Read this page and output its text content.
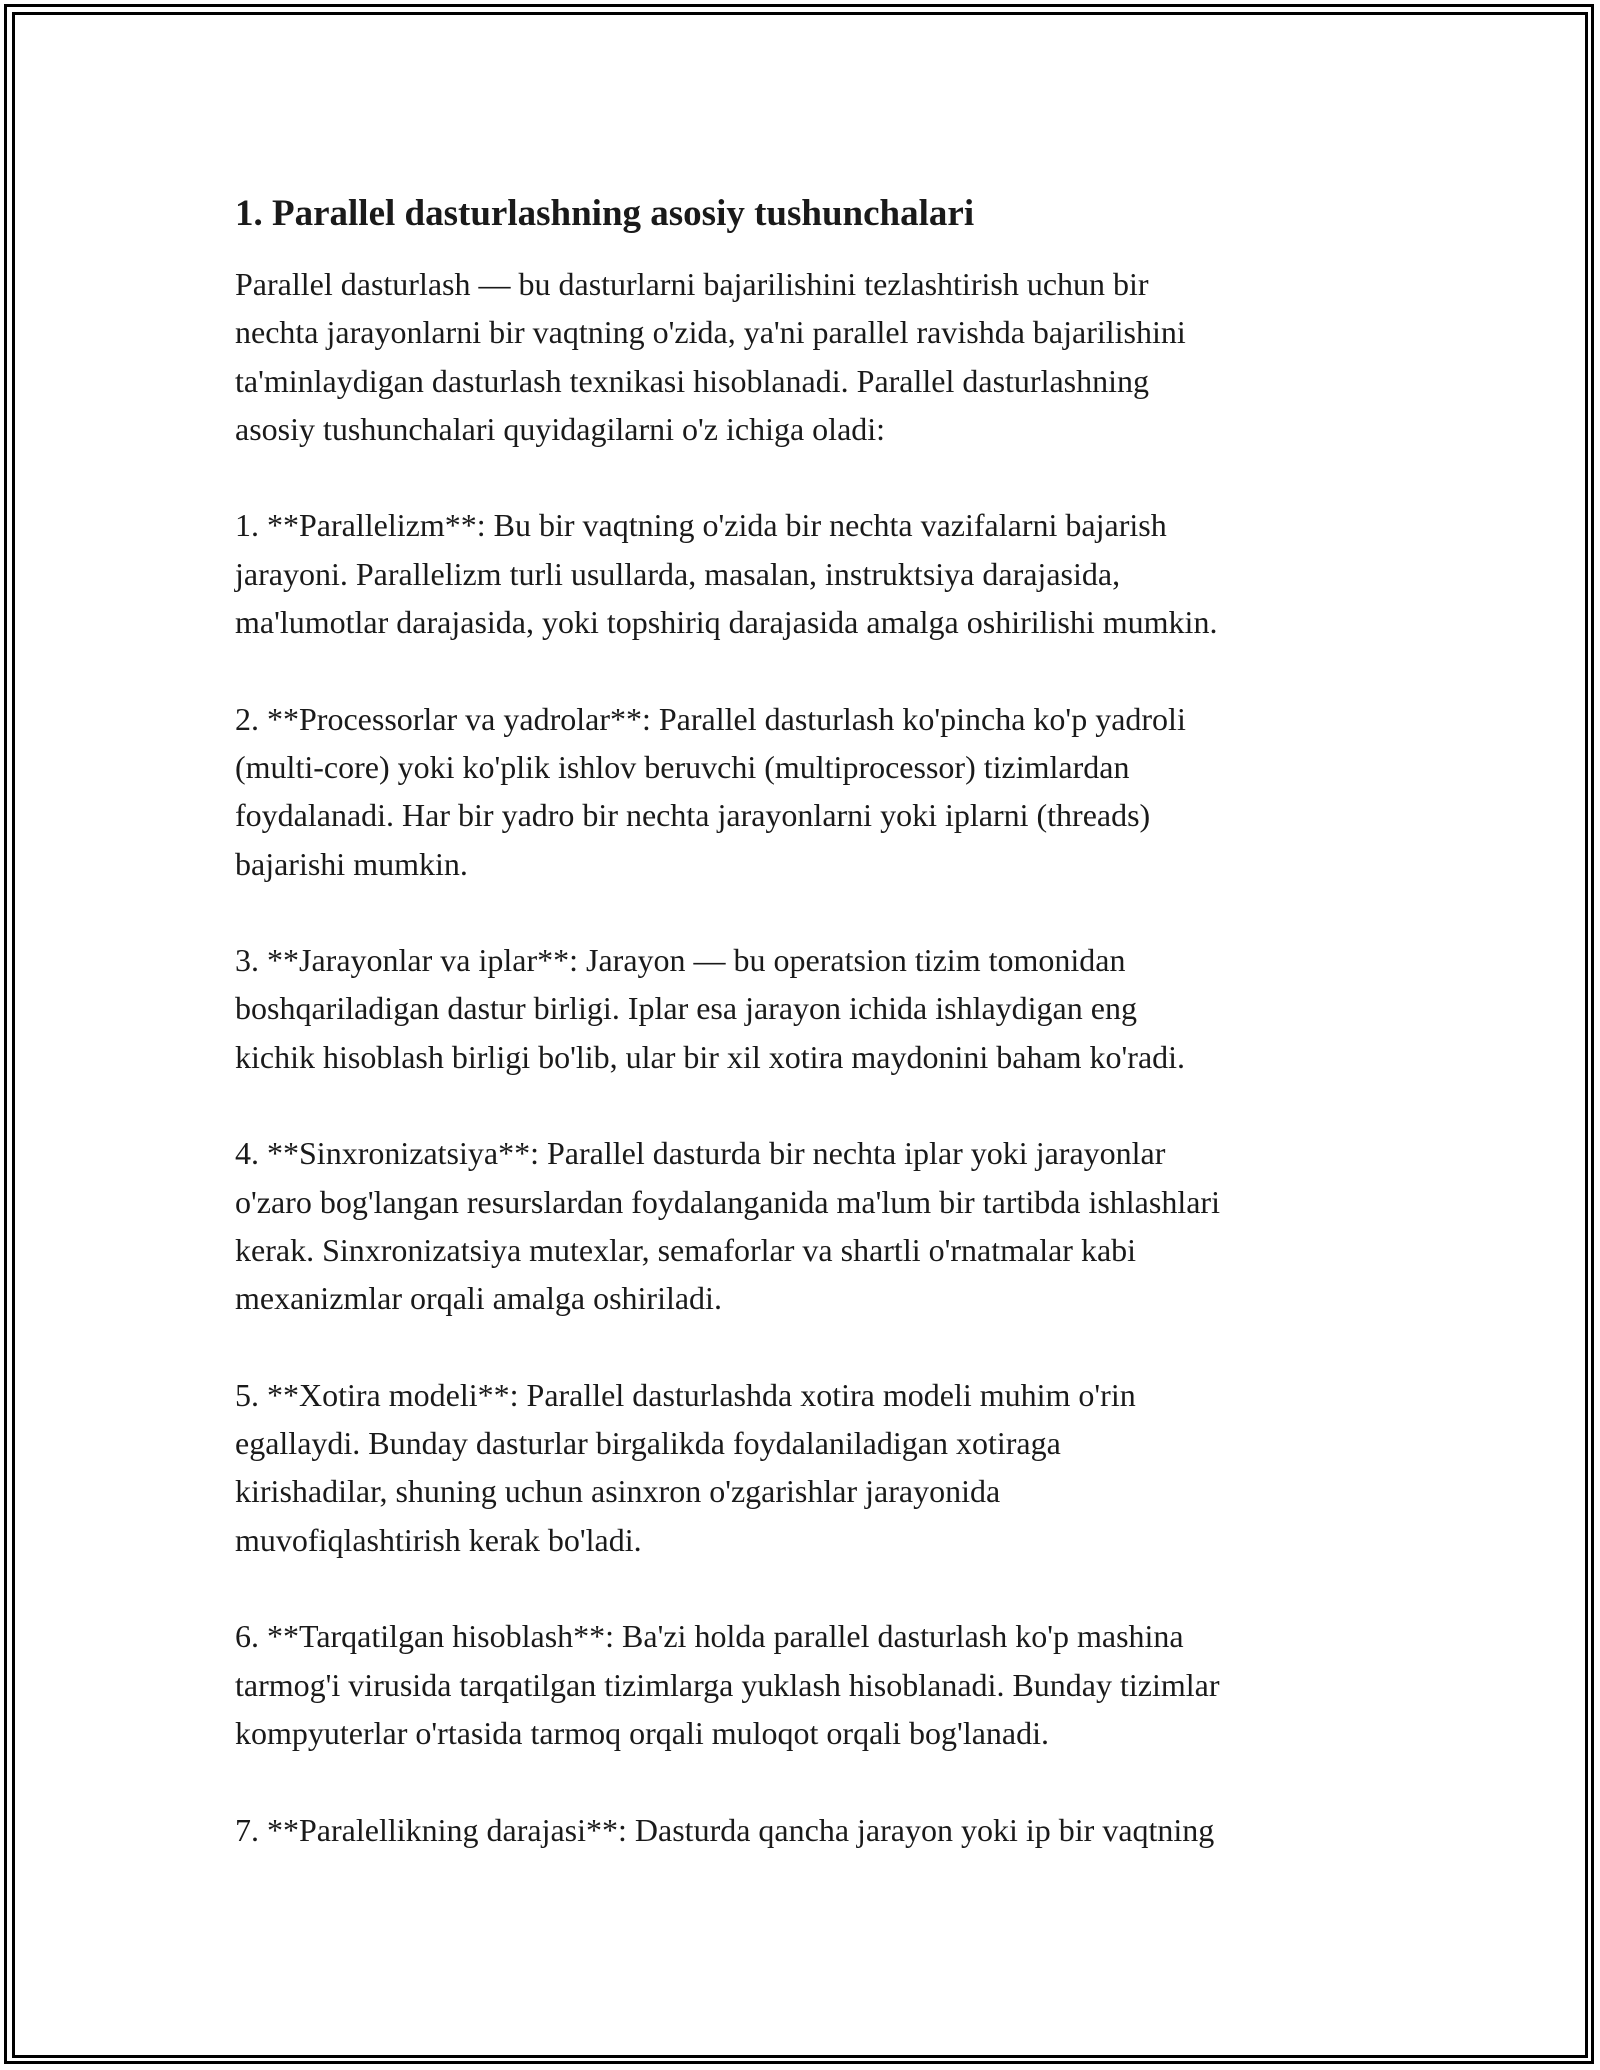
1. Parallel dasturlashning asosiy tushunchalari
Parallel dasturlash — bu dasturlarni bajarilishini tezlashtirish uchun bir
nechta jarayonlarni bir vaqtning o'zida, ya'ni parallel ravishda bajarilishini
ta'minlaydigan dasturlash texnikasi hisoblanadi. Parallel dasturlashning
asosiy tushunchalari quyidagilarni o'z ichiga oladi:
1. **Parallelizm**: Bu bir vaqtning o'zida bir nechta vazifalarni bajarish
jarayoni. Parallelizm turli usullarda, masalan, instruktsiya darajasida,
ma'lumotlar darajasida, yoki topshiriq darajasida amalga oshirilishi mumkin.
2. **Processorlar va yadrolar**: Parallel dasturlash ko'pincha ko'p yadroli
(multi-core) yoki ko'plik ishlov beruvchi (multiprocessor) tizimlardan
foydalanadi. Har bir yadro bir nechta jarayonlarni yoki iplarni (threads)
bajarishi mumkin.
3. **Jarayonlar va iplar**: Jarayon — bu operatsion tizim tomonidan
boshqariladigan dastur birligi. Iplar esa jarayon ichida ishlaydigan eng
kichik hisoblash birligi bo'lib, ular bir xil xotira maydonini baham ko'radi.
4. **Sinxronizatsiya**: Parallel dasturda bir nechta iplar yoki jarayonlar
o'zaro bog'langan resurslardan foydalanganida ma'lum bir tartibda ishlashlari
kerak. Sinxronizatsiya mutexlar, semaforlar va shartli o'rnatmalar kabi
mexanizmlar orqali amalga oshiriladi.
5. **Xotira modeli**: Parallel dasturlashda xotira modeli muhim o'rin
egallaydi. Bunday dasturlar birgalikda foydalaniladigan xotiraga
kirishadilar, shuning uchun asinxron o'zgarishlar jarayonida
muvofiqlashtirish kerak bo'ladi.
6. **Tarqatilgan hisoblash**: Ba'zi holda parallel dasturlash ko'p mashina
tarmog'i virusida tarqatilgan tizimlarga yuklash hisoblanadi. Bunday tizimlar
kompyuterlar o'rtasida tarmoq orqali muloqot orqali bog'lanadi.
7. **Paralellikning darajasi**: Dasturda qancha jarayon yoki ip bir vaqtning
